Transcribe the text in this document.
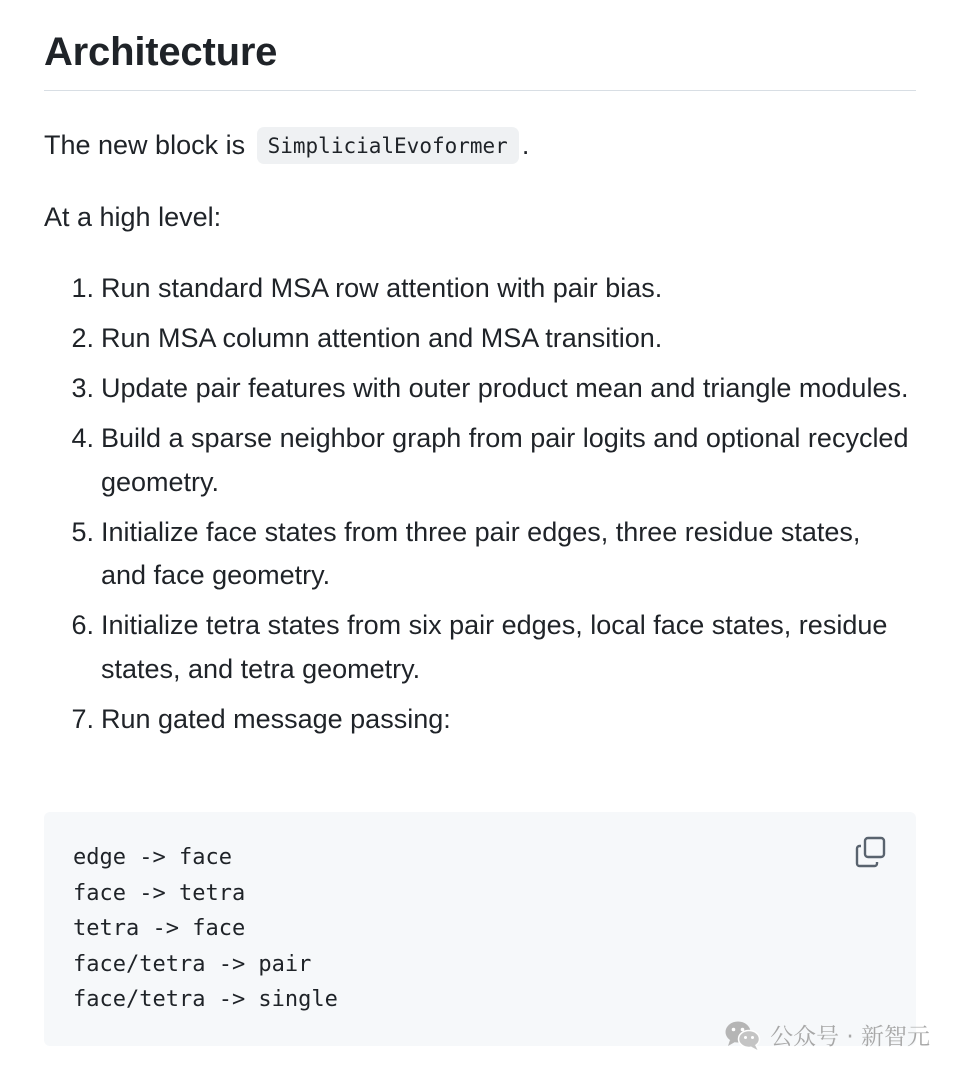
Architecture

The new block is SimplicialEvoformer .

At a high level:

1. Run standard MSA row attention with pair bias.
2. Run MSA column attention and MSA transition.
3. Update pair features with outer product mean and triangle modules.
4. Build a sparse neighbor graph from pair logits and optional recycled geometry.
5. Initialize face states from three pair edges, three residue states, and face geometry.
6. Initialize tetra states from six pair edges, local face states, residue states, and tetra geometry.
7. Run gated message passing:
edge -> face
face -> tetra
tetra -> face
face/tetra -> pair
face/tetra -> single
公众号 · 新智元
